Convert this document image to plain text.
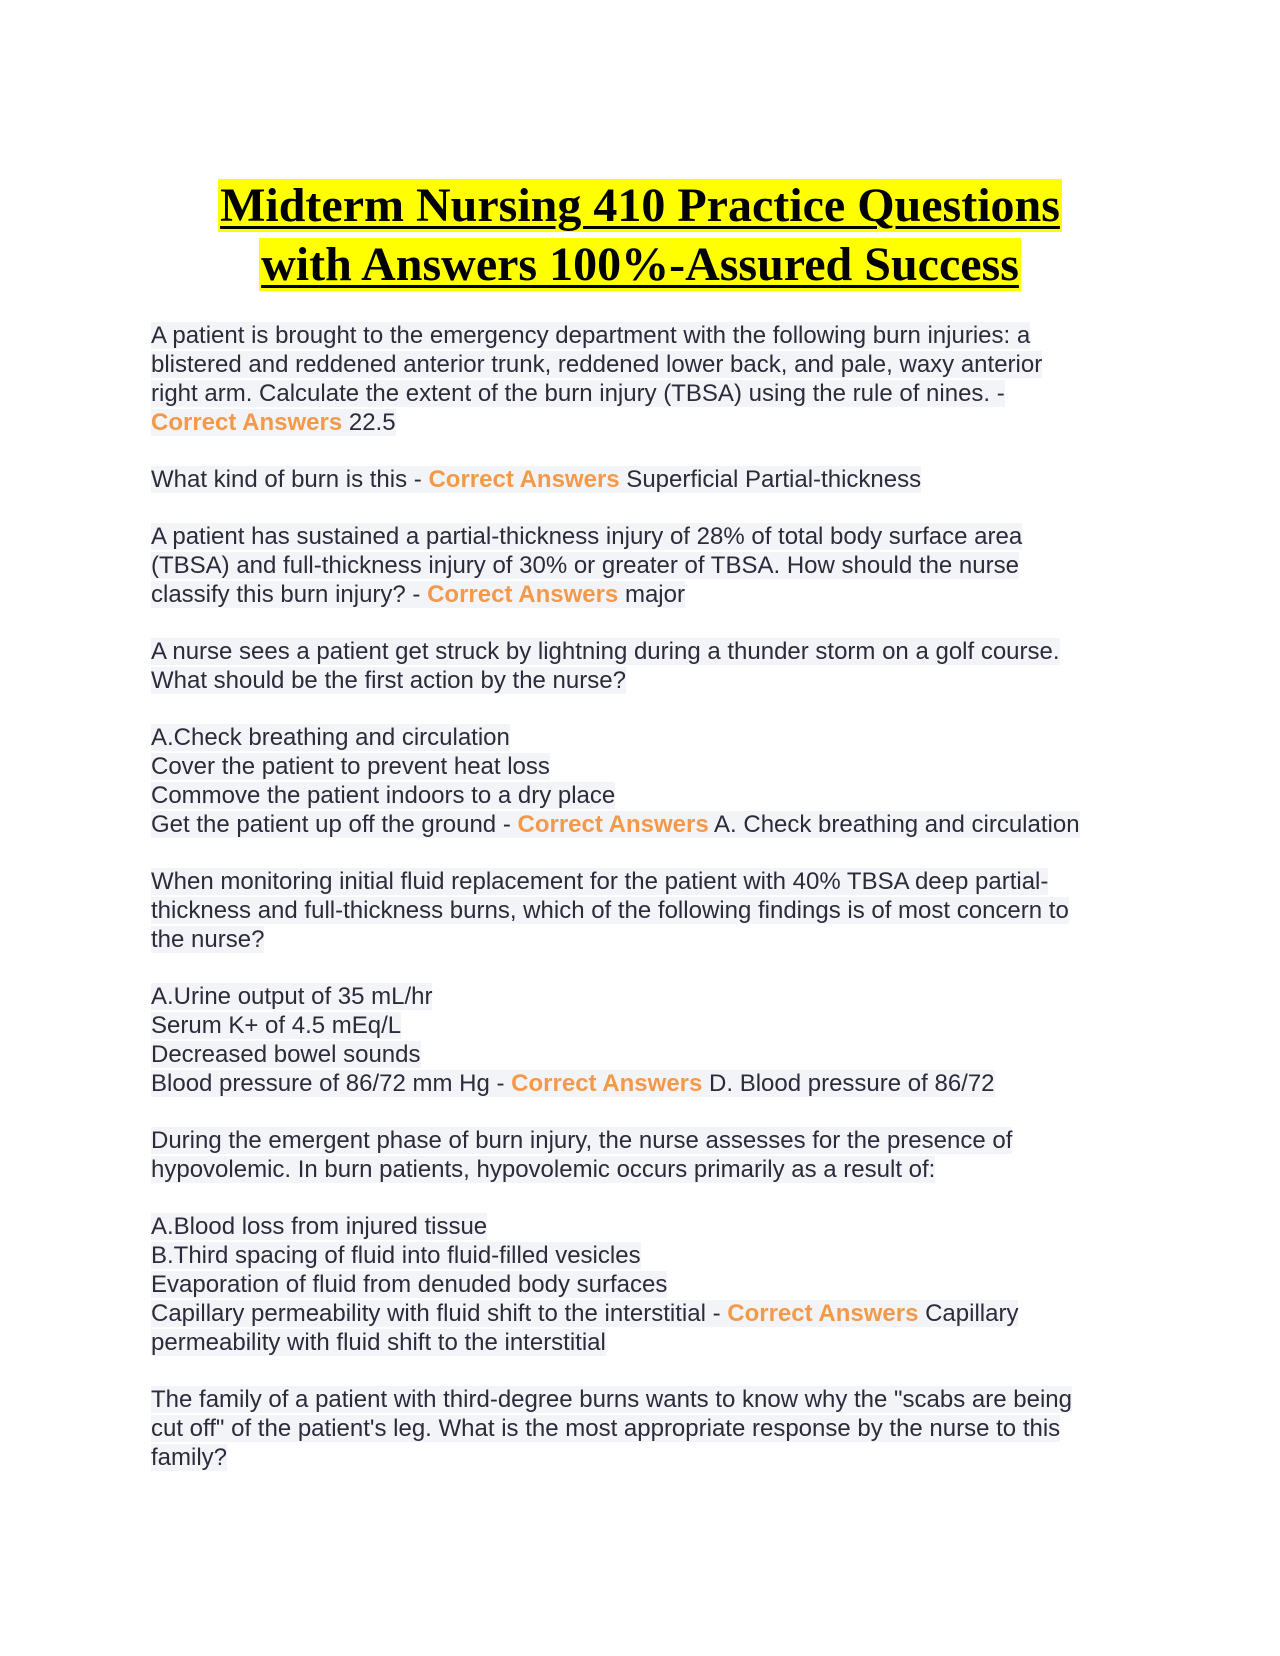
Midterm Nursing 410 Practice Questions
with Answers 100%-Assured Success
A patient is brought to the emergency department with the following burn injuries: a
blistered and reddened anterior trunk, reddened lower back, and pale, waxy anterior
right arm. Calculate the extent of the burn injury (TBSA) using the rule of nines. -
Correct Answers 22.5
What kind of burn is this - Correct Answers Superficial Partial-thickness
A patient has sustained a partial-thickness injury of 28% of total body surface area
(TBSA) and full-thickness injury of 30% or greater of TBSA. How should the nurse
classify this burn injury? - Correct Answers major
A nurse sees a patient get struck by lightning during a thunder storm on a golf course.
What should be the first action by the nurse?
A.Check breathing and circulation
Cover the patient to prevent heat loss
Commove the patient indoors to a dry place
Get the patient up off the ground - Correct Answers A. Check breathing and circulation
When monitoring initial fluid replacement for the patient with 40% TBSA deep partial-
thickness and full-thickness burns, which of the following findings is of most concern to
the nurse?
A.Urine output of 35 mL/hr
Serum K+ of 4.5 mEq/L
Decreased bowel sounds
Blood pressure of 86/72 mm Hg - Correct Answers D. Blood pressure of 86/72
During the emergent phase of burn injury, the nurse assesses for the presence of
hypovolemic. In burn patients, hypovolemic occurs primarily as a result of:
A.Blood loss from injured tissue
B.Third spacing of fluid into fluid-filled vesicles
Evaporation of fluid from denuded body surfaces
Capillary permeability with fluid shift to the interstitial - Correct Answers Capillary
permeability with fluid shift to the interstitial
The family of a patient with third-degree burns wants to know why the "scabs are being
cut off" of the patient's leg. What is the most appropriate response by the nurse to this
family?
